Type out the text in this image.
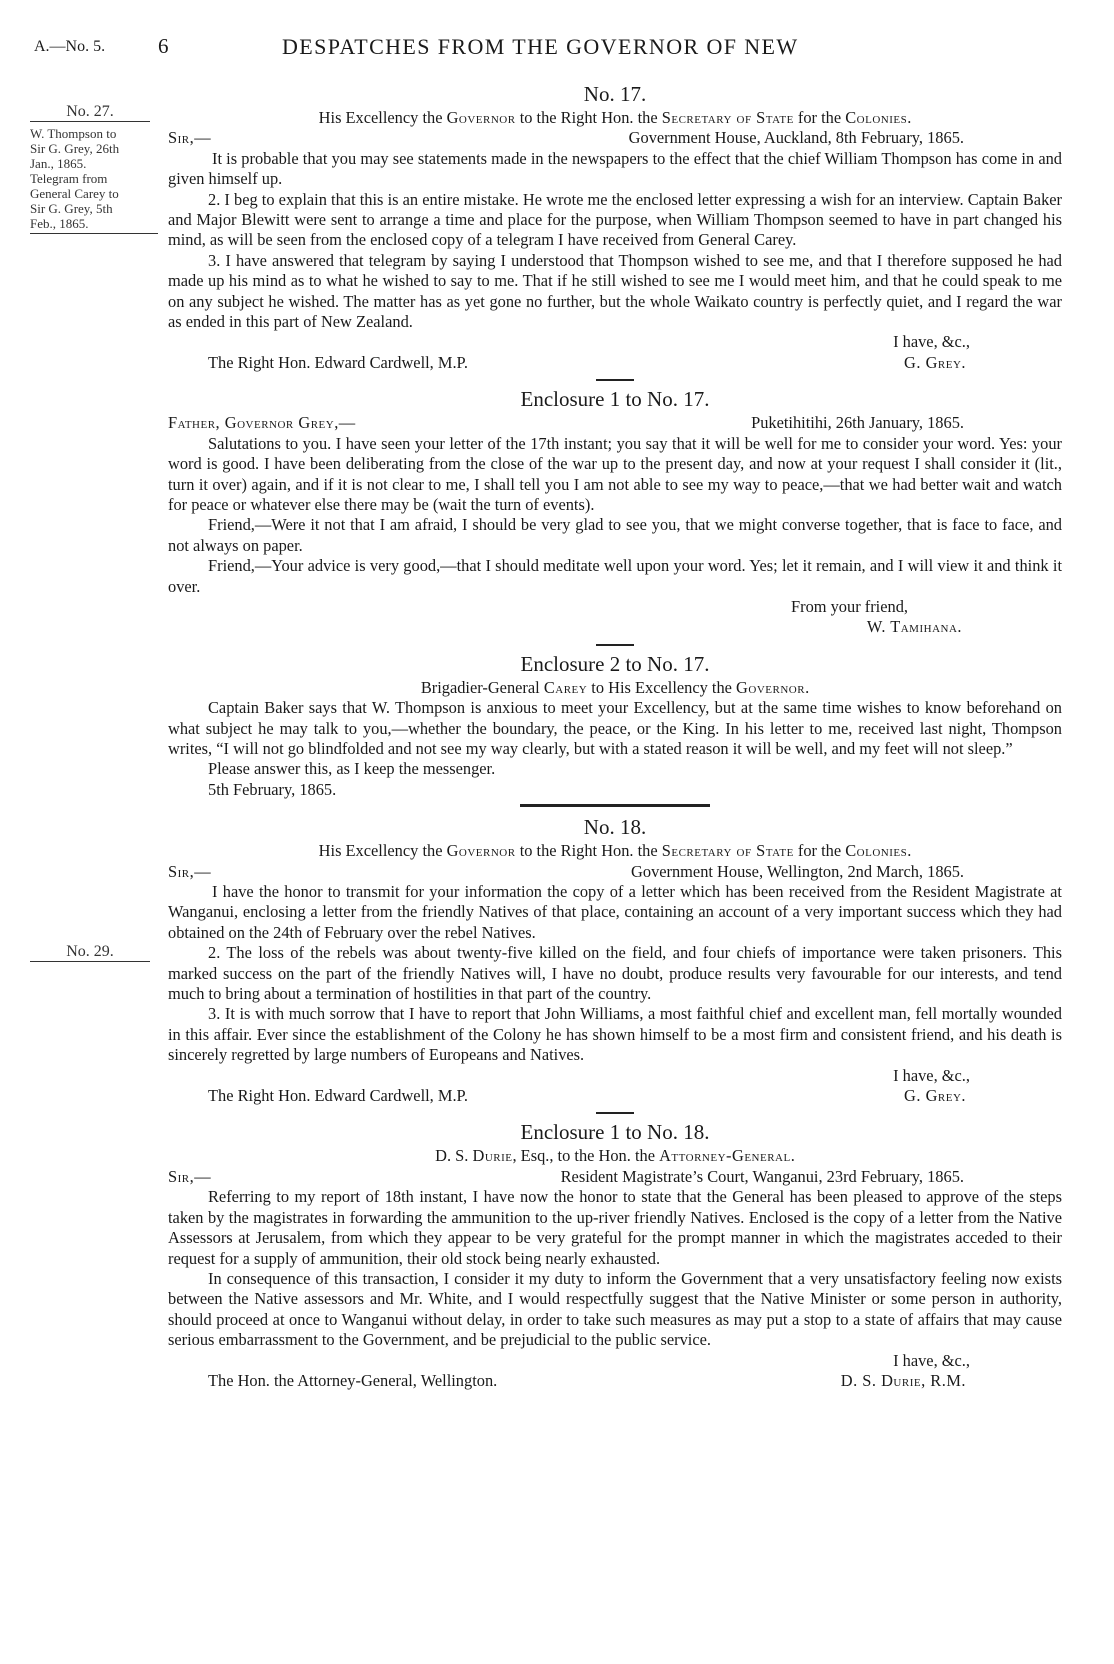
A.—No. 5.	6	DESPATCHES FROM THE GOVERNOR OF NEW
No. 27.
W. Thompson to
Sir G. Grey, 26th
Jan., 1865.
Telegram from
General Carey to
Sir G. Grey, 5th
Feb., 1865.
No. 29.
No. 17.
His Excellency the Governor to the Right Hon. the Secretary of State for the Colonies.
Sir,—	Government House, Auckland, 8th February, 1865.

It is probable that you may see statements made in the newspapers to the effect that the chief William Thompson has come in and given himself up.

2. I beg to explain that this is an entire mistake. He wrote me the enclosed letter expressing a wish for an interview. Captain Baker and Major Blewitt were sent to arrange a time and place for the purpose, when William Thompson seemed to have in part changed his mind, as will be seen from the enclosed copy of a telegram I have received from General Carey.

3. I have answered that telegram by saying I understood that Thompson wished to see me, and that I therefore supposed he had made up his mind as to what he wished to say to me. That if he still wished to see me I would meet him, and that he could speak to me on any subject he wished. The matter has as yet gone no further, but the whole Waikato country is perfectly quiet, and I regard the war as ended in this part of New Zealand.

I have, &c.,
The Right Hon. Edward Cardwell, M.P.	G. Grey.
Enclosure 1 to No. 17.
Father, Governor Grey,—	Puketihitihi, 26th January, 1865.

Salutations to you. I have seen your letter of the 17th instant; you say that it will be well for me to consider your word. Yes: your word is good. I have been deliberating from the close of the war up to the present day, and now at your request I shall consider it (lit., turn it over) again, and if it is not clear to me, I shall tell you I am not able to see my way to peace,—that we had better wait and watch for peace or whatever else there may be (wait the turn of events).

Friend,—Were it not that I am afraid, I should be very glad to see you, that we might converse together, that is face to face, and not always on paper.

Friend,—Your advice is very good,—that I should meditate well upon your word. Yes; let it remain, and I will view it and think it over.

From your friend,
W. Tamihana.
Enclosure 2 to No. 17.
Brigadier-General Carey to His Excellency the Governor.

Captain Baker says that W. Thompson is anxious to meet your Excellency, but at the same time wishes to know beforehand on what subject he may talk to you,—whether the boundary, the peace, or the King. In his letter to me, received last night, Thompson writes, “I will not go blindfolded and not see my way clearly, but with a stated reason it will be well, and my feet will not sleep.”

Please answer this, as I keep the messenger.

5th February, 1865.

No. 18.
His Excellency the Governor to the Right Hon. the Secretary of State for the Colonies.
Sir,—	Government House, Wellington, 2nd March, 1865.

I have the honor to transmit for your information the copy of a letter which has been received from the Resident Magistrate at Wanganui, enclosing a letter from the friendly Natives of that place, containing an account of a very important success which they had obtained on the 24th of February over the rebel Natives.

2. The loss of the rebels was about twenty-five killed on the field, and four chiefs of importance were taken prisoners. This marked success on the part of the friendly Natives will, I have no doubt, produce results very favourable for our interests, and tend much to bring about a termination of hostilities in that part of the country.

3. It is with much sorrow that I have to report that John Williams, a most faithful chief and excellent man, fell mortally wounded in this affair. Ever since the establishment of the Colony he has shown himself to be a most firm and consistent friend, and his death is sincerely regretted by large numbers of Europeans and Natives.

I have, &c.,
The Right Hon. Edward Cardwell, M.P.	G. Grey.
Enclosure 1 to No. 18.
D. S. Durie, Esq., to the Hon. the Attorney-General.
Sir,—	Resident Magistrate’s Court, Wanganui, 23rd February, 1865.

Referring to my report of 18th instant, I have now the honor to state that the General has been pleased to approve of the steps taken by the magistrates in forwarding the ammunition to the up-river friendly Natives. Enclosed is the copy of a letter from the Native Assessors at Jerusalem, from which they appear to be very grateful for the prompt manner in which the magistrates acceded to their request for a supply of ammunition, their old stock being nearly exhausted.

In consequence of this transaction, I consider it my duty to inform the Government that a very unsatisfactory feeling now exists between the Native assessors and Mr. White, and I would respectfully suggest that the Native Minister or some person in authority, should proceed at once to Wanganui without delay, in order to take such measures as may put a stop to a state of affairs that may cause serious embarrassment to the Government, and be prejudicial to the public service.

I have, &c.,
The Hon. the Attorney-General, Wellington.	D. S. Durie, R.M.
